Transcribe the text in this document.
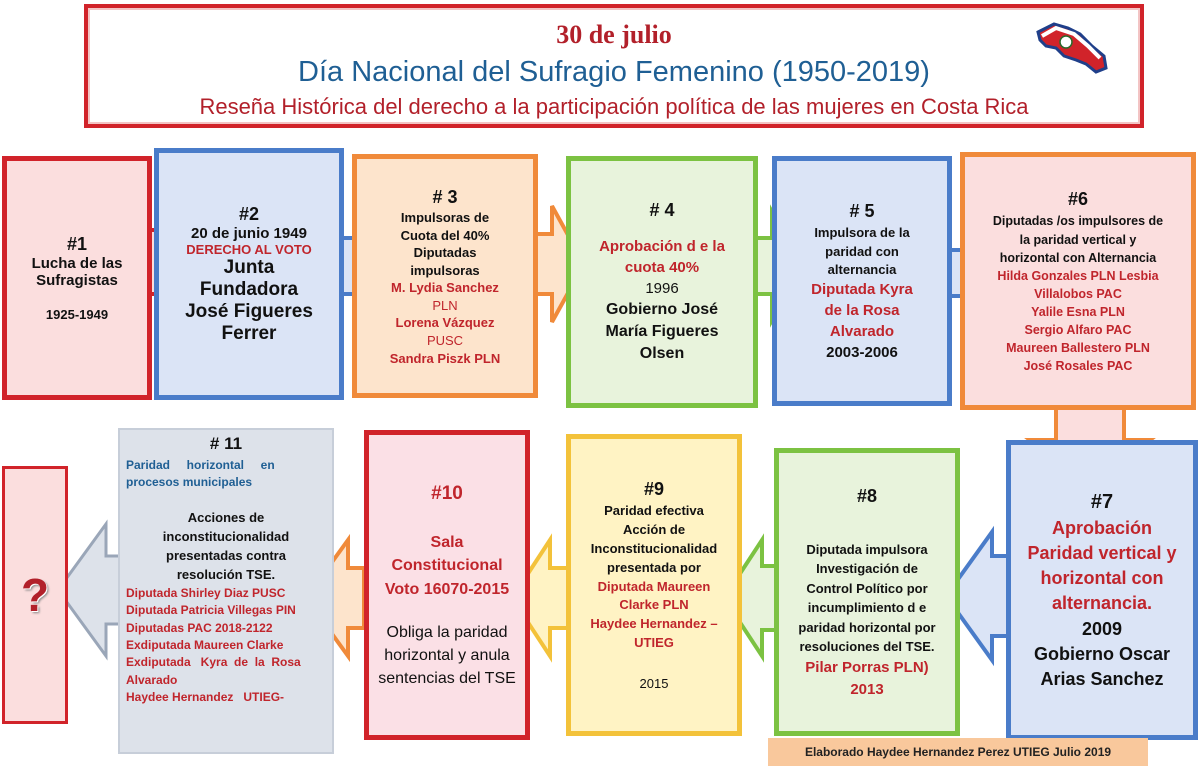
30 de julio
Día Nacional del Sufragio Femenino (1950-2019)
Reseña Histórica del derecho a la participación política de las mujeres en Costa Rica
#1
Lucha de las
Sufragistas
1925-1949
#2
20 de junio 1949
DERECHO AL VOTO
Junta
Fundadora
José Figueres
Ferrer
# 3
Impulsoras de
Cuota del 40%
Diputadas
impulsoras
M. Lydia Sanchez
PLN
Lorena Vázquez
PUSC
Sandra Piszk PLN
# 4
Aprobación d e la
cuota 40%
1996
Gobierno José
María Figueres
Olsen
# 5
Impulsora de la
paridad con
alternancia
Diputada Kyra
de la Rosa
Alvarado
2003-2006
#6
Diputadas /os impulsores de
la paridad vertical y
horizontal con Alternancia
Hilda Gonzales PLN Lesbia
Villalobos PAC
Yalile Esna PLN
Sergio Alfaro PAC
Maureen Ballestero PLN
José Rosales PAC
#7
Aprobación
Paridad vertical y
horizontal con
alternancia.
2009
Gobierno Oscar
Arias Sanchez
#8
Diputada impulsora
Investigación de
Control Político por
incumplimiento d e
paridad horizontal por
resoluciones del TSE.
Pilar Porras PLN)
2013
#9
Paridad efectiva
Acción de
Inconstitucionalidad
presentada por
Diputada Maureen
Clarke PLN
Haydee Hernandez –
UTIEG
2015
#10
Sala
Constitucional
Voto 16070-2015
Obliga la paridad
horizontal y anula
sentencias del TSE
# 11
Paridad     horizontal     en
procesos municipales
Acciones de
inconstitucionalidad
presentadas contra
resolución TSE.
Diputada Shirley Diaz PUSC
Diputada Patricia Villegas PIN
Diputadas PAC 2018-2122
Exdiputada Maureen Clarke
Exdiputada   Kyra  de  la  Rosa
Alvarado
Haydee Hernandez   UTIEG-
?
Elaborado Haydee Hernandez Perez UTIEG Julio 2019
